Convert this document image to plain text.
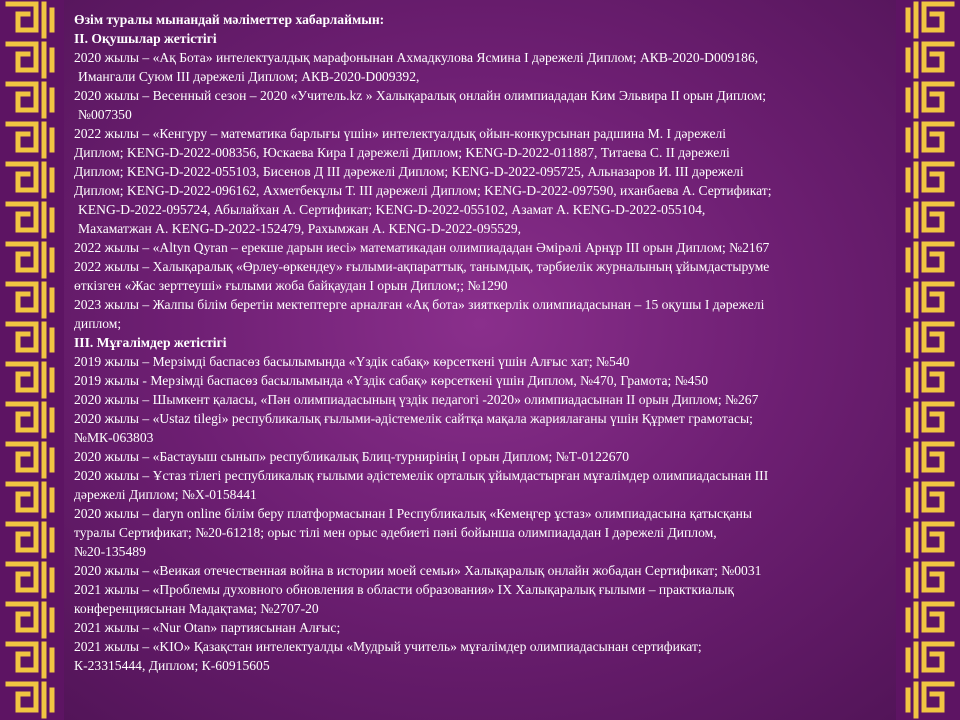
Өзім туралы мынандай мәліметтер хабарлаймын:
II. Оқушылар жетістігі
2020 жылы – «Ақ Бота» интелектуалдық марафонынан Ахмадкулова Ясмина І дәрежелі Диплом; АКВ-2020-D009186,
Имангали Суюм ІІІ дәрежелі Диплом; АКВ-2020-D009392,
2020 жылы – Весенный сезон – 2020 «Учитель.kz » Халықаралық онлайн олимпиададан Ким Эльвира ІІ орын Диплом;
№007350
2022 жылы – «Кенгуру – математика барлығы үшін» интелектуалдық ойын-конкурсынан радшина М. І дәрежелі
Диплом; KENG-D-2022-008356, Юскаева Кира І дәрежелі Диплом; KENG-D-2022-011887, Титаева С. ІІ дәрежелі
Диплом; KENG-D-2022-055103, Бисенов Д ІІІ дәрежелі Диплом; KENG-D-2022-095725, Альназаров И. ІІІ дәрежелі
Диплом; KENG-D-2022-096162, Ахметбекұлы Т. ІІІ дәрежелі Диплом; KENG-D-2022-097590, иханбаева А. Сертификат;
KENG-D-2022-095724, Абылайхан А. Сертификат; KENG-D-2022-055102, Азамат А. KENG-D-2022-055104,
Махаматжан А. KENG-D-2022-152479, Рахымжан А. KENG-D-2022-095529,
2022 жылы – «Altyn Qyran – ерекше дарын иесі» математикадан олимпиададан Әмірәлі Арнұр ІІІ орын Диплом; №2167
2022 жылы – Халықаралық «Өрлеу-өркендеу» ғылыми-ақпараттық, танымдық, тәрбиелік журналының ұйымдастыруме
өткізген «Жас зерттеуші» ғылыми жоба байқаудан І орын Диплом;; №1290
2023 жылы – Жалпы білім беретін мектептерге арналған «Ақ бота» зияткерлік олимпиадасынан – 15 оқушы І дәрежелі
диплом;
III. Мұғалімдер жетістігі
2019 жылы – Мерзімді баспасөз басылымында «Үздік сабақ» көрсеткені үшін Алғыс хат; №540
2019 жылы - Мерзімді баспасөз басылымында «Үздік сабақ» көрсеткені үшін Диплом, №470, Грамота; №450
2020 жылы – Шымкент қаласы, «Пән олимпиадасының үздік педагогі -2020» олимпиадасынан ІІ орын Диплом; №267
2020 жылы – «Ustaz tilegi» республикалық ғылыми-әдістемелік сайтқа мақала жариялағаны үшін Құрмет грамотасы;
№МК-063803
2020 жылы – «Бастауыш сынып» республикалық Блиц-турнирінің І орын Диплом; №Т-0122670
2020 жылы – Ұстаз тілегі республикалық ғылыми әдістемелік орталық ұйымдастырған мұғалімдер олимпиадасынан ІІІ
дәрежелі Диплом; №Х-0158441
2020 жылы – daryn online білім беру платформасынан І Республикалық «Кемеңгер ұстаз» олимпиадасына қатысқаны
туралы Сертификат; №20-61218; орыс тілі мен орыс әдебиеті пәні бойынша олимпиададан І дәрежелі Диплом,
№20-135489
2020 жылы – «Веикая отечественная война в истории моей семьи» Халықаралық онлайн жобадан Сертификат; №0031
2021 жылы – «Проблемы духовного обновления в области образования» ІХ Халықаралық ғылыми – практкиалық
конференциясынан Мадақтама; №2707-20
2021 жылы – «Nur Otan» партиясынан Алғыс;
2021 жылы – «KIO» Қазақстан интелектуалды «Мудрый учитель» мұғалімдер олимпиадасынан сертификат;
К-23315444, Диплом; К-60915605
